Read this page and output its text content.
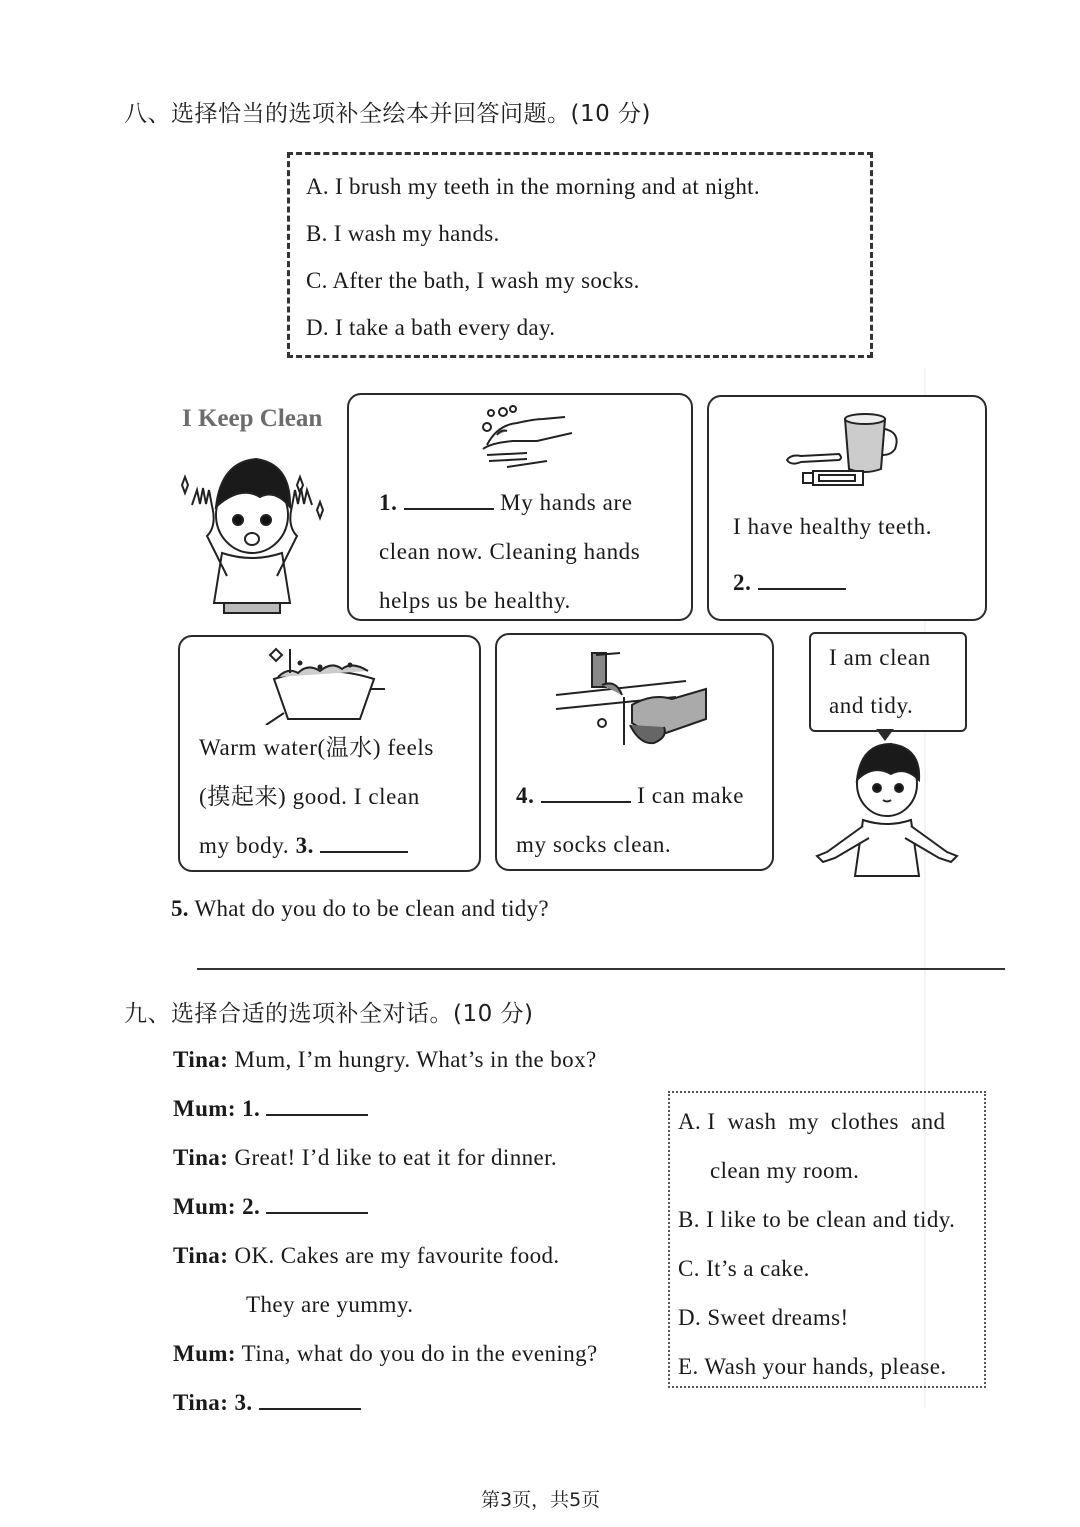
八、选择恰当的选项补全绘本并回答问题。(10 分)
A. I brush my teeth in the morning and at night.
B. I wash my hands.
C. After the bath, I wash my socks.
D. I take a bath every day.
I Keep Clean
1.	My hands are
clean now. Cleaning hands
helps us be healthy.
I have healthy teeth.
2.
Warm water(温水) feels
(摸起来) good. I clean
my body. 3.
4.	I can make
my socks clean.
I am clean
and tidy.
5. What do you do to be clean and tidy?
九、选择合适的选项补全对话。(10 分)
Tina: Mum, I’m hungry. What’s in the box?
Mum: 1.
Tina: Great! I’d like to eat it for dinner.
Mum: 2.
Tina: OK. Cakes are my favourite food.
They are yummy.
Mum: Tina, what do you do in the evening?
Tina: 3.
A. I wash my clothes and
clean my room.
B. I like to be clean and tidy.
C. It’s a cake.
D. Sweet dreams!
E. Wash your hands, please.
第3页，共5页
